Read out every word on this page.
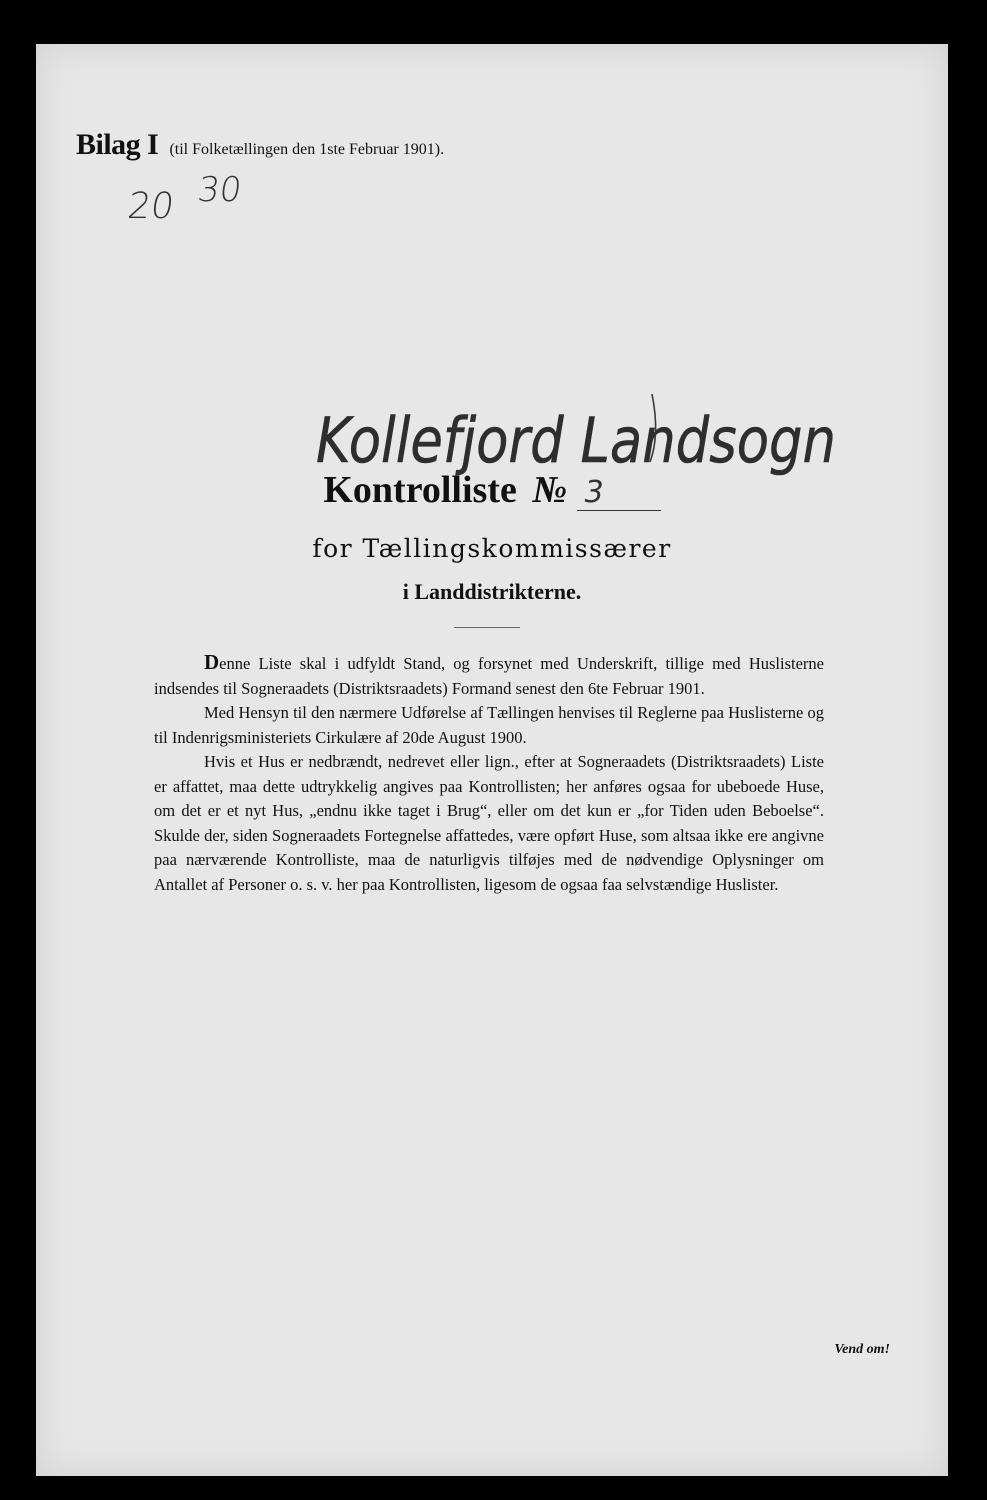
Bilag I (til Folketællingen den 1ste Februar 1901).
20 30
Kollefjord Landsogn
Kontrolliste № 3
for Tællingskommissærer
i Landdistrikterne.

Denne Liste skal i udfyldt Stand, og forsynet med Underskrift, tillige med Huslisterne indsendes til Sogneraadets (Distriktsraadets) Formand senest den 6te Februar 1901.

Med Hensyn til den nærmere Udførelse af Tællingen henvises til Reglerne paa Huslisterne og til Indenrigsministeriets Cirkulære af 20de August 1900.

Hvis et Hus er nedbrændt, nedrevet eller lign., efter at Sogneraadets (Distriktsraadets) Liste er affattet, maa dette udtrykkelig angives paa Kontrollisten; her anføres ogsaa for ubeboede Huse, om det er et nyt Hus, „endnu ikke taget i Brug“, eller om det kun er „for Tiden uden Beboelse“. Skulde der, siden Sogneraadets Fortegnelse affattedes, være opført Huse, som altsaa ikke ere angivne paa nærværende Kontrolliste, maa de naturligvis tilføjes med de nødvendige Oplysninger om Antallet af Personer o. s. v. her paa Kontrollisten, ligesom de ogsaa faa selvstændige Huslister.

Vend om!
